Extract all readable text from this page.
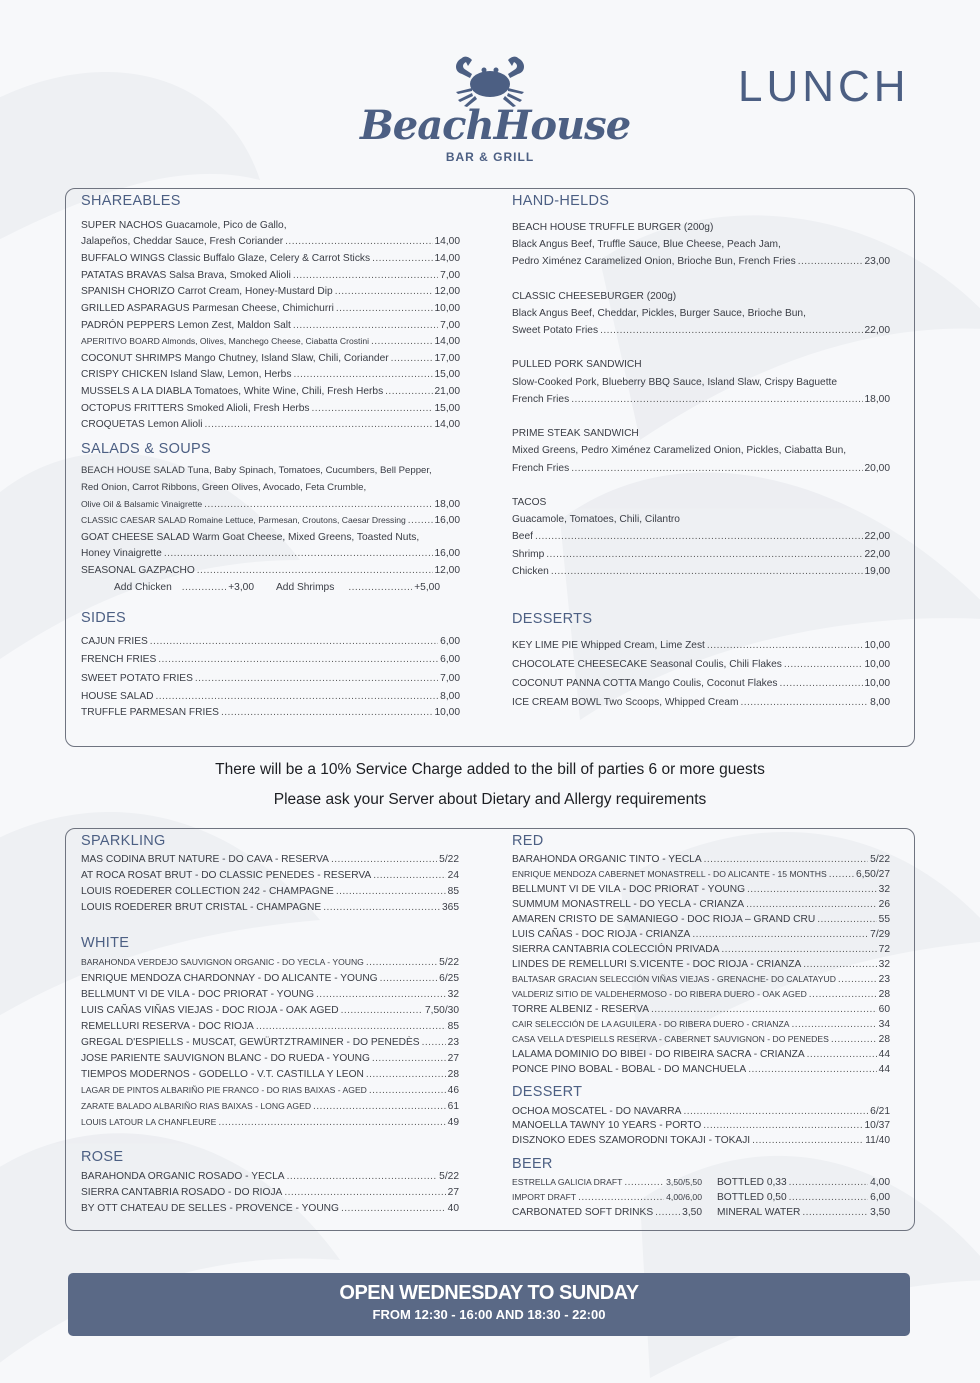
BeachHouse
BAR & GRILL
LUNCH
SHAREABLES
SUPER NACHOS Guacamole, Pico de Gallo,
Jalapeños, Cheddar Sauce, Fresh Coriander . . .	14,00
BUFFALO WINGS Classic Buffalo Glaze, Celery & Carrot Sticks . . .	14,00
PATATAS BRAVAS Salsa Brava, Smoked Alioli . . .	7,00
SPANISH CHORIZO Carrot Cream, Honey-Mustard Dip . . .	12,00
GRILLED ASPARAGUS Parmesan Cheese, Chimichurri . . .	10,00
PADRÓN PEPPERS Lemon Zest, Maldon Salt . . .	7,00
APERITIVO BOARD Almonds, Olives, Manchego Cheese, Ciabatta Crostini . . .	14,00
COCONUT SHRIMPS Mango Chutney, Island Slaw, Chili, Coriander . . .	17,00
CRISPY CHICKEN Island Slaw, Lemon, Herbs . . .	15,00
MUSSELS A LA DIABLA Tomatoes, White Wine, Chili, Fresh Herbs . . .	21,00
OCTOPUS FRITTERS Smoked Alioli, Fresh Herbs . . .	15,00
CROQUETAS Lemon Alioli . . .	14,00
SALADS & SOUPS
BEACH HOUSE SALAD Tuna, Baby Spinach, Tomatoes, Cucumbers, Bell Pepper,
Red Onion, Carrot Ribbons, Green Olives, Avocado, Feta Crumble,
Olive Oil & Balsamic Vinaigrette . . .	18,00
CLASSIC CAESAR SALAD Romaine Lettuce, Parmesan, Croutons, Caesar Dressing . . .	16,00
GOAT CHEESE SALAD Warm Goat Cheese, Mixed Greens, Toasted Nuts,
Honey Vinaigrette . . .	16,00
SEASONAL GAZPACHO . . .	12,00
Add Chicken . . .	+3,00 Add Shrimps . . .	+5,00
SIDES
CAJUN FRIES . . .	6,00
FRENCH FRIES . . .	6,00
SWEET POTATO FRIES . . .	7,00
HOUSE SALAD . . .	8,00
TRUFFLE PARMESAN FRIES . . .	10,00
HAND-HELDS
BEACH HOUSE TRUFFLE BURGER (200g)
Black Angus Beef, Truffle Sauce, Blue Cheese, Peach Jam,
Pedro Ximénez Caramelized Onion, Brioche Bun, French Fries . . .	23,00
CLASSIC CHEESEBURGER (200g)
Black Angus Beef, Cheddar, Pickles, Burger Sauce, Brioche Bun,
Sweet Potato Fries . . .	22,00
PULLED PORK SANDWICH
Slow-Cooked Pork, Blueberry BBQ Sauce, Island Slaw, Crispy Baguette
French Fries . . .	18,00
PRIME STEAK SANDWICH
Mixed Greens, Pedro Ximénez Caramelized Onion, Pickles, Ciabatta Bun,
French Fries . . .	20,00
TACOS
Guacamole, Tomatoes, Chili, Cilantro
Beef . . .	22,00
Shrimp . . .	22,00
Chicken . . .	19,00
DESSERTS
KEY LIME PIE Whipped Cream, Lime Zest . . .	10,00
CHOCOLATE CHEESECAKE Seasonal Coulis, Chili Flakes . . .	10,00
COCONUT PANNA COTTA Mango Coulis, Coconut Flakes . . .	10,00
ICE CREAM BOWL Two Scoops, Whipped Cream . . .	8,00
There will be a 10% Service Charge added to the bill of parties 6 or more guests
Please ask your Server about Dietary and Allergy requirements
SPARKLING
MAS CODINA BRUT NATURE - DO CAVA - RESERVA . . .	5/22
AT ROCA ROSAT BRUT - DO CLASSIC PENEDES - RESERVA . . .	24
LOUIS ROEDERER COLLECTION 242 - CHAMPAGNE . . .	85
LOUIS ROEDERER BRUT CRISTAL - CHAMPAGNE . . .	365
WHITE
BARAHONDA VERDEJO SAUVIGNON ORGANIC - DO YECLA - YOUNG . . .	5/22
ENRIQUE MENDOZA CHARDONNAY - DO ALICANTE - YOUNG . . .	6/25
BELLMUNT VI DE VILA - DOC PRIORAT - YOUNG . . .	32
LUIS CAÑAS VIÑAS VIEJAS - DOC RIOJA - OAK AGED . . .	7,50/30
REMELLURI RESERVA - DOC RIOJA . . .	85
GREGAL D'ESPIELLS - MUSCAT, GEWÜRTZTRAMINER - DO PENEDÈS . . .	23
JOSE PARIENTE SAUVIGNON BLANC - DO RUEDA - YOUNG . . .	27
TIEMPOS MODERNOS - GODELLO - V.T. CASTILLA Y LEON . . .	28
LAGAR DE PINTOS ALBARIÑO PIE FRANCO - DO RIAS BAIXAS - AGED . . .	46
ZARATE BALADO ALBARIÑO RIAS BAIXAS - LONG AGED . . .	61
LOUIS LATOUR LA CHANFLEURE . . .	49
ROSE
BARAHONDA ORGANIC ROSADO - YECLA . . .	5/22
SIERRA CANTABRIA ROSADO - DO RIOJA . . .	27
BY OTT CHATEAU DE SELLES - PROVENCE - YOUNG . . .	40
RED
BARAHONDA ORGANIC TINTO - YECLA . . .	5/22
ENRIQUE MENDOZA CABERNET MONASTRELL - DO ALICANTE - 15 MONTHS . . .	6,50/27
BELLMUNT VI DE VILA - DOC PRIORAT - YOUNG . . .	32
SUMMUM MONASTRELL - DO YECLA - CRIANZA . . .	26
AMAREN CRISTO DE SAMANIEGO - DOC RIOJA – GRAND CRU . . .	55
LUIS CAÑAS - DOC RIOJA - CRIANZA . . .	7/29
SIERRA CANTABRIA COLECCIÓN PRIVADA . . .	72
LINDES DE REMELLURI S.VICENTE - DOC RIOJA - CRIANZA . . .	32
BALTASAR GRACIAN SELECCIÓN VIÑAS VIEJAS - GRENACHE- DO CALATAYUD . . .	23
VALDERIZ SITIO DE VALDEHERMOSO - DO RIBERA DUERO - OAK AGED . . .	28
TORRE ALBENIZ - RESERVA . . .	60
CAIR SELECCIÓN DE LA AGUILERA - DO RIBERA DUERO - CRIANZA . . .	34
CASA VELLA D'ESPIELLS RESERVA - CABERNET SAUVIGNON - DO PENEDES . . .	28
LALAMA DOMINIO DO BIBEI - DO RIBEIRA SACRA - CRIANZA . . .	44
PONCE PINO BOBAL - BOBAL - DO MANCHUELA . . .	44
DESSERT
OCHOA MOSCATEL - DO NAVARRA . . .	6/21
MANOELLA TAWNY 10 YEARS - PORTO . . .	10/37
DISZNOKO EDES SZAMORODNI TOKAJI - TOKAJI . . .	11/40
BEER
ESTRELLA GALICIA DRAFT . . .	3,50/5,50
IMPORT DRAFT . . .	4,00/6,00
CARBONATED SOFT DRINKS . . .	3,50
BOTTLED 0,33 . . .	4,00
BOTTLED 0,50 . . .	6,00
MINERAL WATER . . .	3,50
OPEN WEDNESDAY TO SUNDAY
FROM 12:30 - 16:00 AND 18:30 - 22:00
